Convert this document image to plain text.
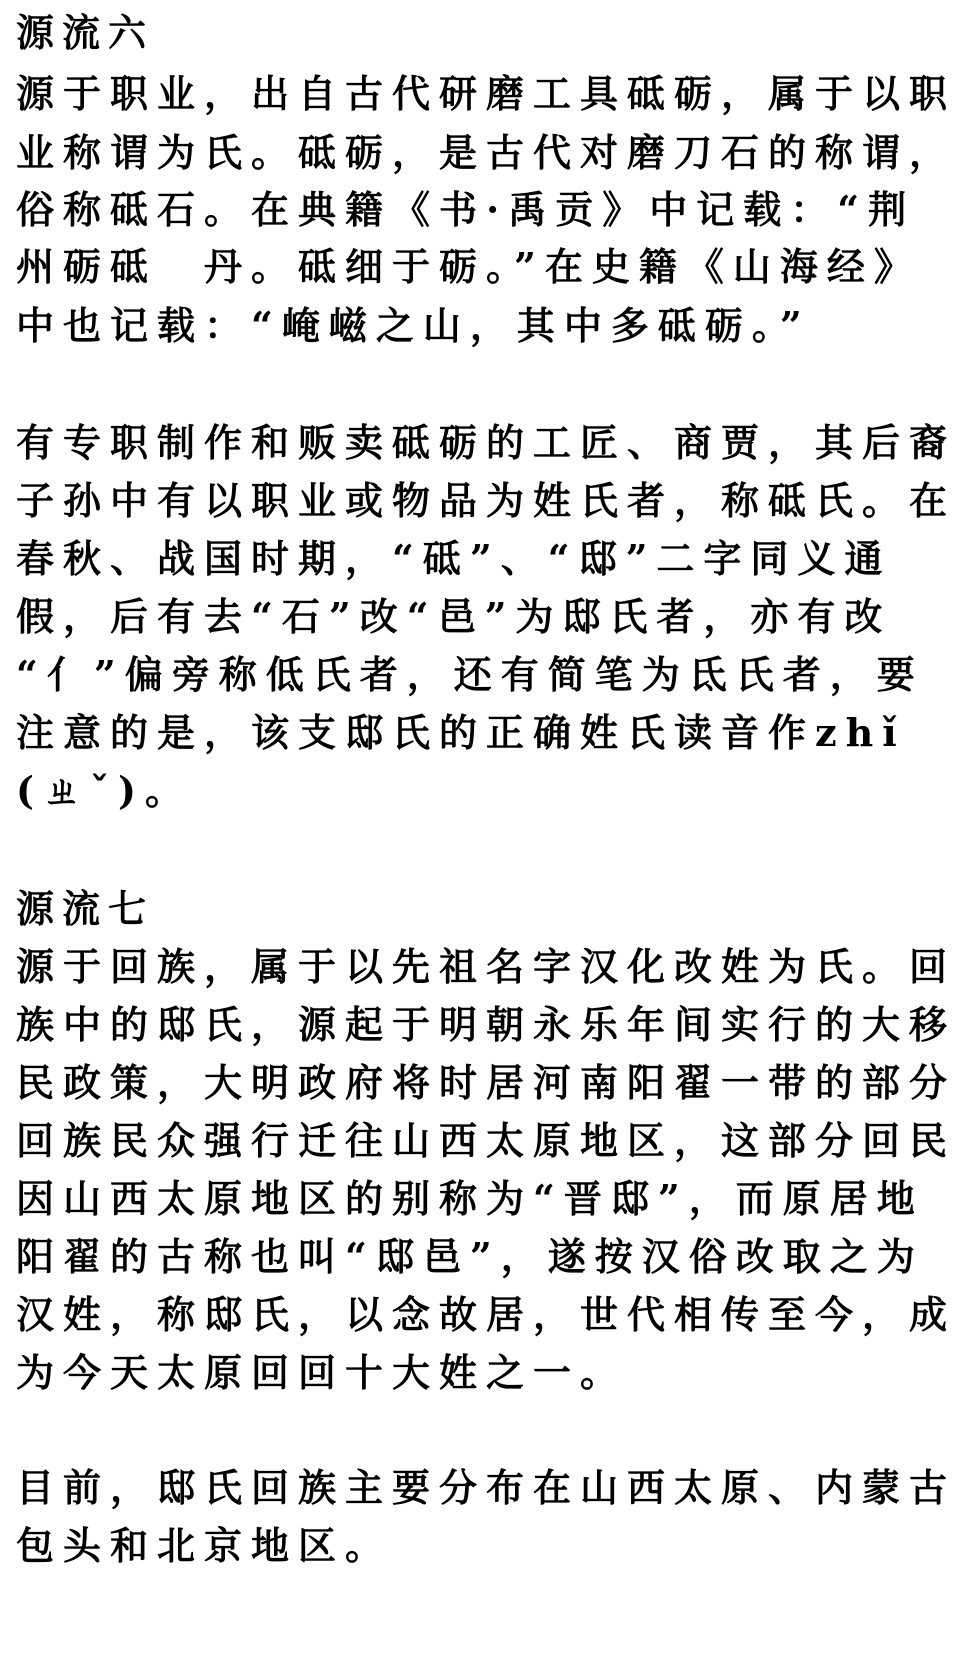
源流六
源于职业，出自古代研磨工具砥砺，属于以职
业称谓为氏。砥砺，是古代对磨刀石的称谓，
俗称砥石。在典籍《书·禹贡》中记载：“荆
州砺砥　丹。砥细于砺。”在史籍《山海经》
中也记载：“崦嵫之山，其中多砥砺。”
有专职制作和贩卖砥砺的工匠、商贾，其后裔
子孙中有以职业或物品为姓氏者，称砥氏。在
春秋、战国时期，“砥”、“邸”二字同义通
假，后有去“石”改“邑”为邸氏者，亦有改
“亻”偏旁称低氏者，还有简笔为氐氏者，要
注意的是，该支邸氏的正确姓氏读音作zhǐ
(ㄓˇ)。
源流七
源于回族，属于以先祖名字汉化改姓为氏。回
族中的邸氏，源起于明朝永乐年间实行的大移
民政策，大明政府将时居河南阳翟一带的部分
回族民众强行迁往山西太原地区，这部分回民
因山西太原地区的别称为“晋邸”，而原居地
阳翟的古称也叫“邸邑”，遂按汉俗改取之为
汉姓，称邸氏，以念故居，世代相传至今，成
为今天太原回回十大姓之一。
目前，邸氏回族主要分布在山西太原、内蒙古
包头和北京地区。
